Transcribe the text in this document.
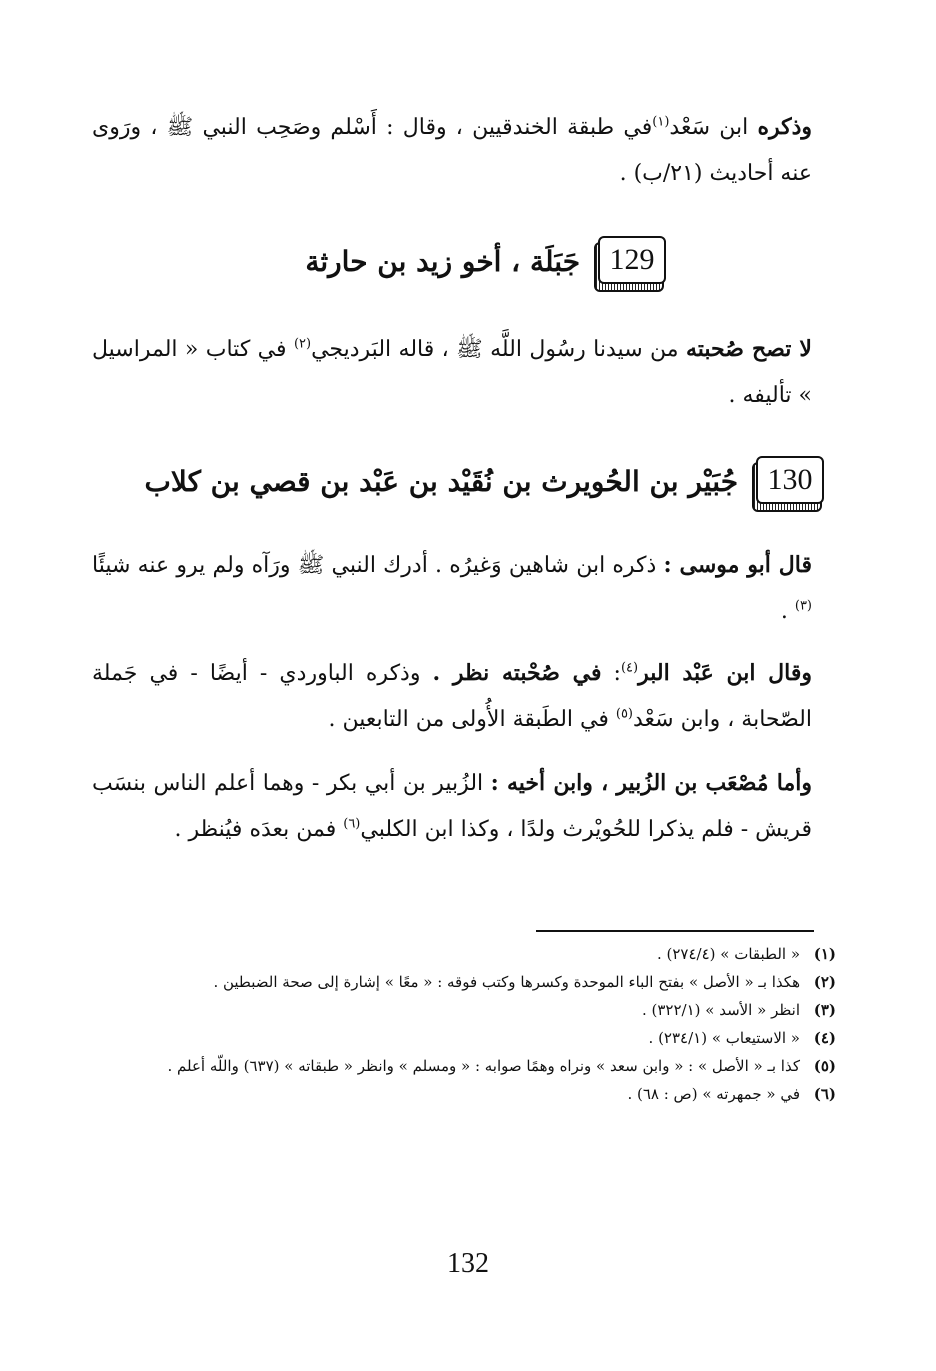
وذكره ابن سَعْد$^{(١)}$في طبقة الخندقيين ، وقال : أَسْلم وصَحِب النبي ﷺ ، ورَوى عنه أحاديث (٢١/ب) .

129
جَبَلَة ، أخو زيد بن حارثة

لا تصح صُحبته من سيدنا رسُول اللَّه ﷺ ، قاله البَرديجي$^{(٢)}$ في كتاب « المراسيل » تأليفه .

130
جُبَيْر بن الحُويرث بن نُقَيْد بن عَبْد بن قصي بن كلاب

قال أبو موسى : ذكره ابن شاهين وَغيرُه . أدرك النبي ﷺ ورَآه ولم يرو عنه شيئًا $^{(٣)}$ .

وقال ابن عَبْد البر$^{(٤)}$: في صُحْبته نظر . وذكره الباوردي - أيضًا - في جَملة الصّحابة ، وابن سَعْد$^{(٥)}$ في الطَبقة الأُولى من التابعين .

وأما مُصْعَب بن الزُبير ، وابن أخيه : الزُبير بن أبي بكر - وهما أعلم الناس بنسَب قريش - فلم يذكرا للحُويْرث ولدًا ، وكذا ابن الكلبي$^{(٦)}$ فمن بعدَه فيُنظر .

(١)
« الطبقات » (٢٧٤/٤) .
(٢)
هكذا بـ « الأصل » بفتح الباء الموحدة وكسرها وكتب فوقه : « معًا » إشارة إلى صحة الضبطين .
(٣)
انظر « الأسد » (٣٢٢/١) .
(٤)
« الاستيعاب » (٢٣٤/١) .
(٥)
كذا بـ « الأصل » : « وابن سعد » ونراه وهمًا صوابه : « ومسلم » وانظر « طبقاته » (٦٣٧) واللّه أعلم .
(٦)
في « جمهرته » (ص : ٦٨) .
132
